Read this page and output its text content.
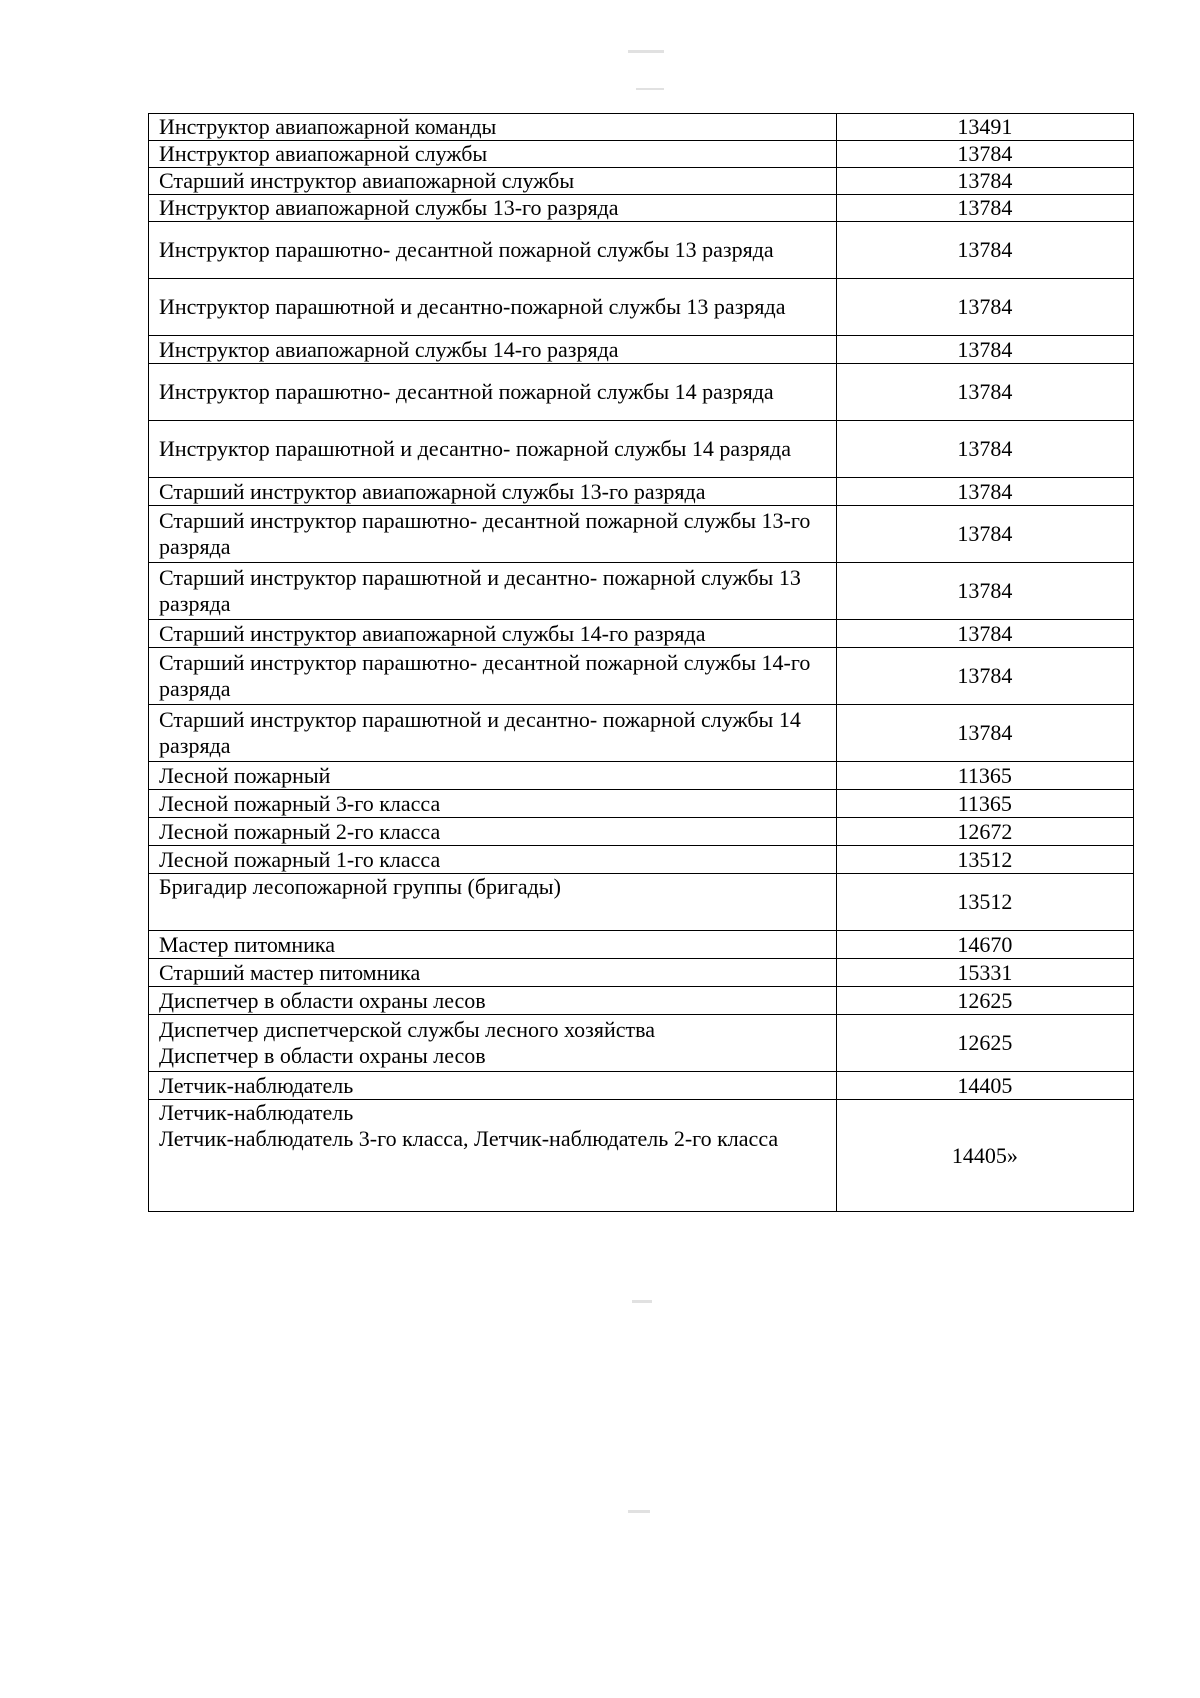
Инструктор авиапожарной команды	13491
Инструктор авиапожарной службы	13784
Старший инструктор авиапожарной службы	13784
Инструктор авиапожарной службы 13-го разряда	13784
Инструктор парашютно- десантной пожарной службы 13 разряда	13784
Инструктор парашютной и десантно-пожарной службы 13 разряда	13784
Инструктор авиапожарной службы 14-го разряда	13784
Инструктор парашютно- десантной пожарной службы 14 разряда	13784
Инструктор парашютной и десантно- пожарной службы 14 разряда	13784
Старший инструктор авиапожарной службы 13-го разряда	13784
Старший инструктор парашютно- десантной пожарной службы 13-го разряда	13784
Старший инструктор парашютной и десантно- пожарной службы 13 разряда	13784
Старший инструктор авиапожарной службы 14-го разряда	13784
Старший инструктор парашютно- десантной пожарной службы 14-го разряда	13784
Старший инструктор парашютной и десантно- пожарной службы 14 разряда	13784
Лесной пожарный	11365
Лесной пожарный 3-го класса	11365
Лесной пожарный 2-го класса	12672
Лесной пожарный 1-го класса	13512
Бригадир лесопожарной группы (бригады)	13512
Мастер питомника	14670
Старший мастер питомника	15331
Диспетчер в области охраны лесов	12625

Диспетчер диспетчерской службы лесного хозяйства
Диспетчер в области охраны лесов	12625
Летчик-наблюдатель	14405

Летчик-наблюдатель
Летчик-наблюдатель 3-го класса, Летчик-наблюдатель 2-го класса	14405»
